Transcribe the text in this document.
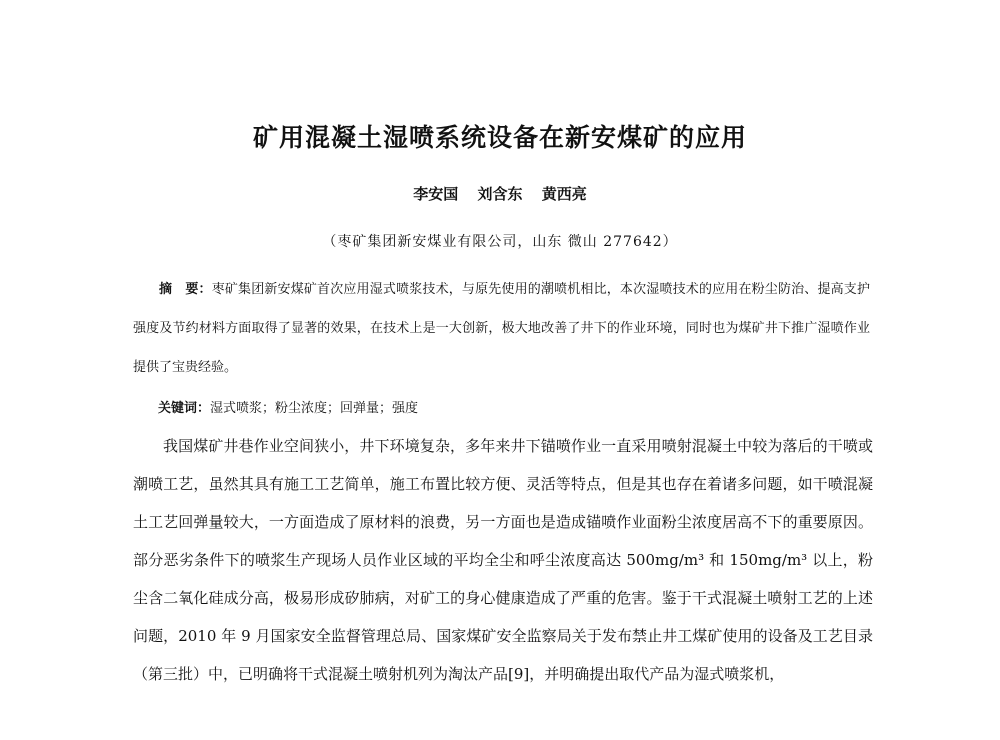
矿用混凝土湿喷系统设备在新安煤矿的应用
李安国 刘含东 黄西亮
（枣矿集团新安煤业有限公司，山东 微山 277642）
摘　要：枣矿集团新安煤矿首次应用湿式喷浆技术，与原先使用的潮喷机相比，本次湿喷技术的应用在粉尘防治、提高支护强度及节约材料方面取得了显著的效果，在技术上是一大创新，极大地改善了井下的作业环境，同时也为煤矿井下推广湿喷作业提供了宝贵经验。
关键词：湿式喷浆；粉尘浓度；回弹量；强度

我国煤矿井巷作业空间狭小，井下环境复杂，多年来井下锚喷作业一直采用喷射混凝土中较为落后的干喷或潮喷工艺，虽然其具有施工工艺简单，施工布置比较方便、灵活等特点，但是其也存在着诸多问题，如干喷混凝土工艺回弹量较大，一方面造成了原材料的浪费，另一方面也是造成锚喷作业面粉尘浓度居高不下的重要原因。部分恶劣条件下的喷浆生产现场人员作业区域的平均全尘和呼尘浓度高达 500mg/m³ 和 150mg/m³ 以上，粉尘含二氧化硅成分高，极易形成矽肺病，对矿工的身心健康造成了严重的危害。鉴于干式混凝土喷射工艺的上述问题，2010 年 9 月国家安全监督管理总局、国家煤矿安全监察局关于发布禁止井工煤矿使用的设备及工艺目录（第三批）中，已明确将干式混凝土喷射机列为淘汰产品[9]，并明确提出取代产品为湿式喷浆机，
